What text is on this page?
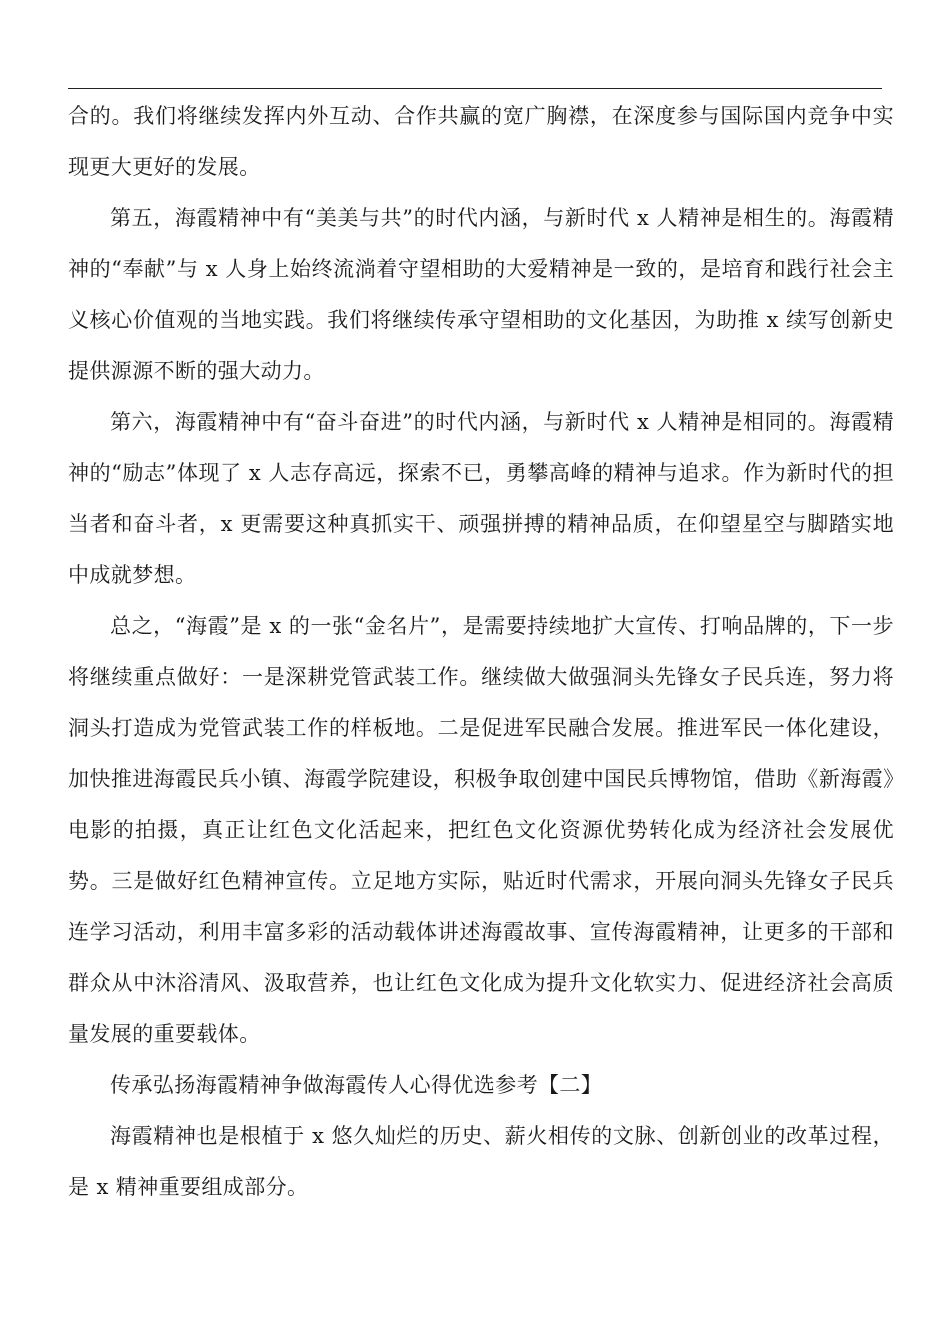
合的。我们将继续发挥内外互动、合作共赢的宽广胸襟，在深度参与国际国内竞争中实现更大更好的发展。

第五，海霞精神中有“美美与共”的时代内涵，与新时代 x 人精神是相生的。海霞精神的“奉献”与 x 人身上始终流淌着守望相助的大爱精神是一致的，是培育和践行社会主义核心价值观的当地实践。我们将继续传承守望相助的文化基因，为助推 x 续写创新史提供源源不断的强大动力。

第六，海霞精神中有“奋斗奋进”的时代内涵，与新时代 x 人精神是相同的。海霞精神的“励志”体现了 x 人志存高远，探索不已，勇攀高峰的精神与追求。作为新时代的担当者和奋斗者，x 更需要这种真抓实干、顽强拼搏的精神品质，在仰望星空与脚踏实地中成就梦想。

总之，“海霞”是 x 的一张“金名片”，是需要持续地扩大宣传、打响品牌的，下一步将继续重点做好：一是深耕党管武装工作。继续做大做强洞头先锋女子民兵连，努力将洞头打造成为党管武装工作的样板地。二是促进军民融合发展。推进军民一体化建设，加快推进海霞民兵小镇、海霞学院建设，积极争取创建中国民兵博物馆，借助《新海霞》电影的拍摄，真正让红色文化活起来，把红色文化资源优势转化成为经济社会发展优势。三是做好红色精神宣传。立足地方实际，贴近时代需求，开展向洞头先锋女子民兵连学习活动，利用丰富多彩的活动载体讲述海霞故事、宣传海霞精神，让更多的干部和群众从中沐浴清风、汲取营养，也让红色文化成为提升文化软实力、促进经济社会高质量发展的重要载体。

传承弘扬海霞精神争做海霞传人心得优选参考【二】

海霞精神也是根植于 x 悠久灿烂的历史、薪火相传的文脉、创新创业的改革过程，是 x 精神重要组成部分。
